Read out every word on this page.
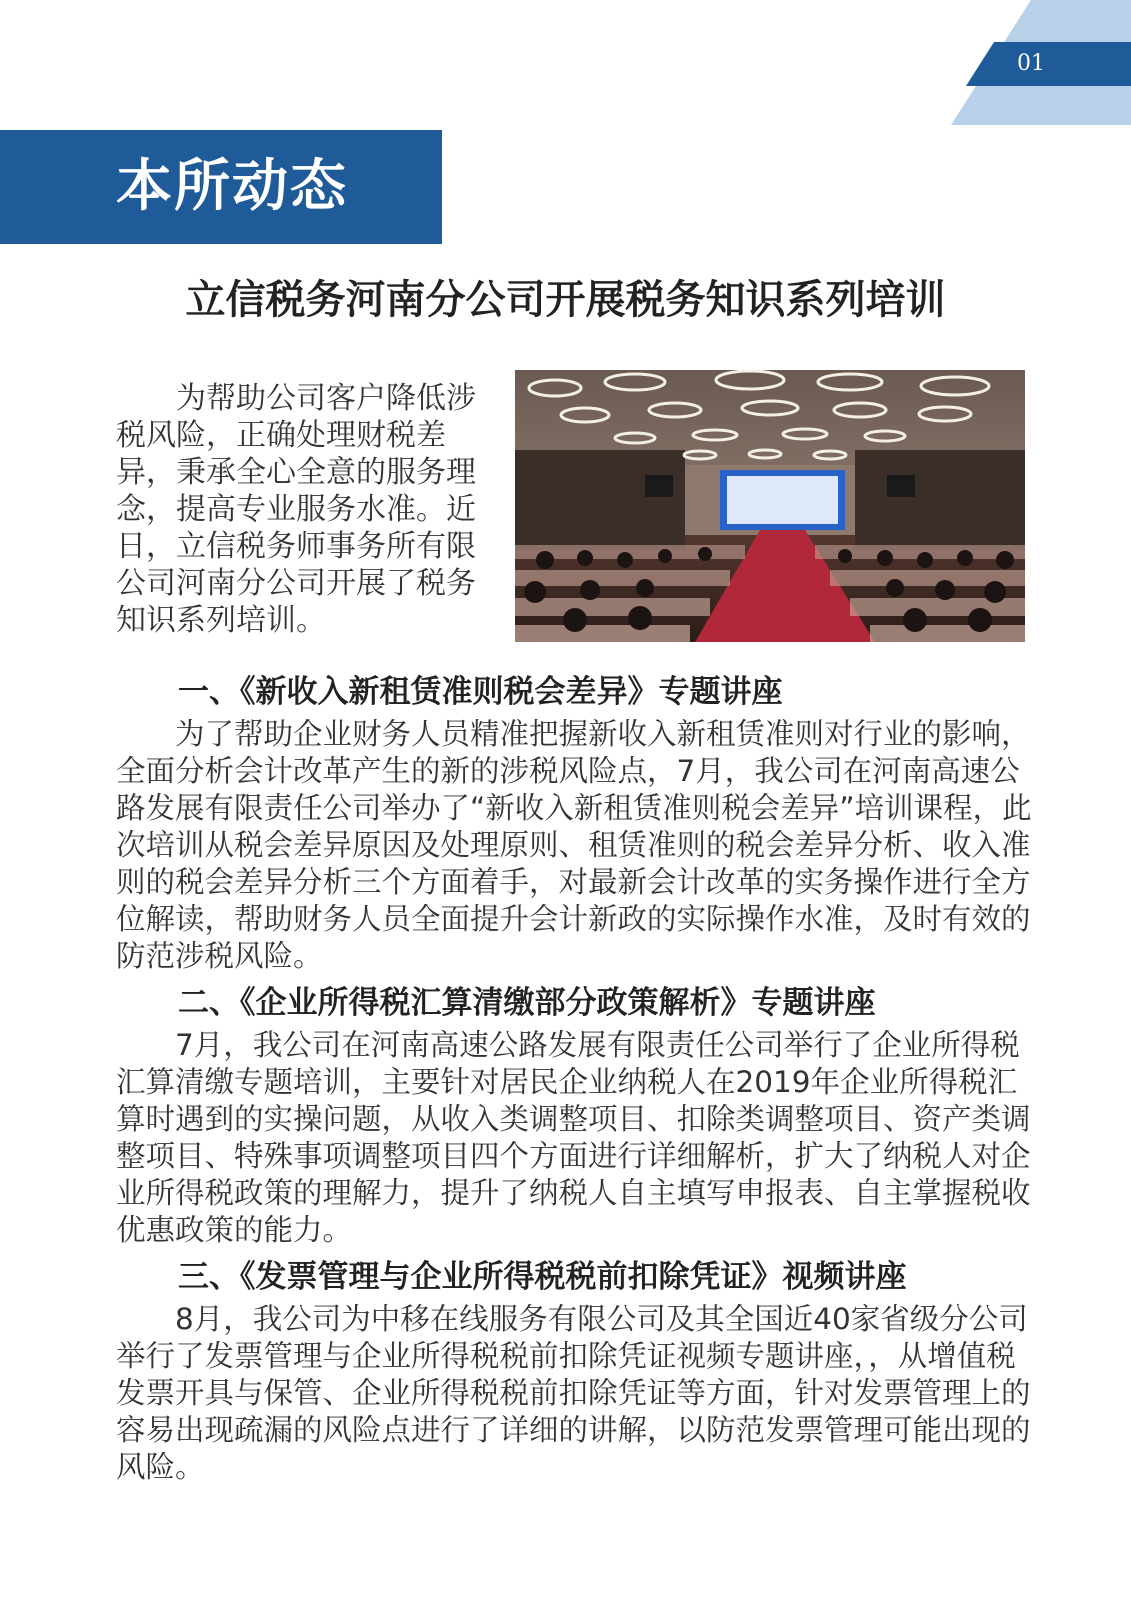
01
本所动态
立信税务河南分公司开展税务知识系列培训
为帮助公司客户降低涉税风险，正确处理财税差异，秉承全心全意的服务理念，提高专业服务水准。近日，立信税务师事务所有限公司河南分公司开展了税务知识系列培训。
一、《新收入新租赁准则税会差异》专题讲座
为了帮助企业财务人员精准把握新收入新租赁准则对行业的影响，全面分析会计改革产生的新的涉税风险点，7月，我公司在河南高速公路发展有限责任公司举办了“新收入新租赁准则税会差异”培训课程，此次培训从税会差异原因及处理原则、租赁准则的税会差异分析、收入准则的税会差异分析三个方面着手，对最新会计改革的实务操作进行全方位解读，帮助财务人员全面提升会计新政的实际操作水准，及时有效的防范涉税风险。
二、《企业所得税汇算清缴部分政策解析》专题讲座
7月，我公司在河南高速公路发展有限责任公司举行了企业所得税汇算清缴专题培训，主要针对居民企业纳税人在2019年企业所得税汇算时遇到的实操问题，从收入类调整项目、扣除类调整项目、资产类调整项目、特殊事项调整项目四个方面进行详细解析，扩大了纳税人对企业所得税政策的理解力，提升了纳税人自主填写申报表、自主掌握税收优惠政策的能力。
三、《发票管理与企业所得税税前扣除凭证》视频讲座
8月，我公司为中移在线服务有限公司及其全国近40家省级分公司举行了发票管理与企业所得税税前扣除凭证视频专题讲座，，从增值税发票开具与保管、企业所得税税前扣除凭证等方面，针对发票管理上的容易出现疏漏的风险点进行了详细的讲解，以防范发票管理可能出现的风险。
